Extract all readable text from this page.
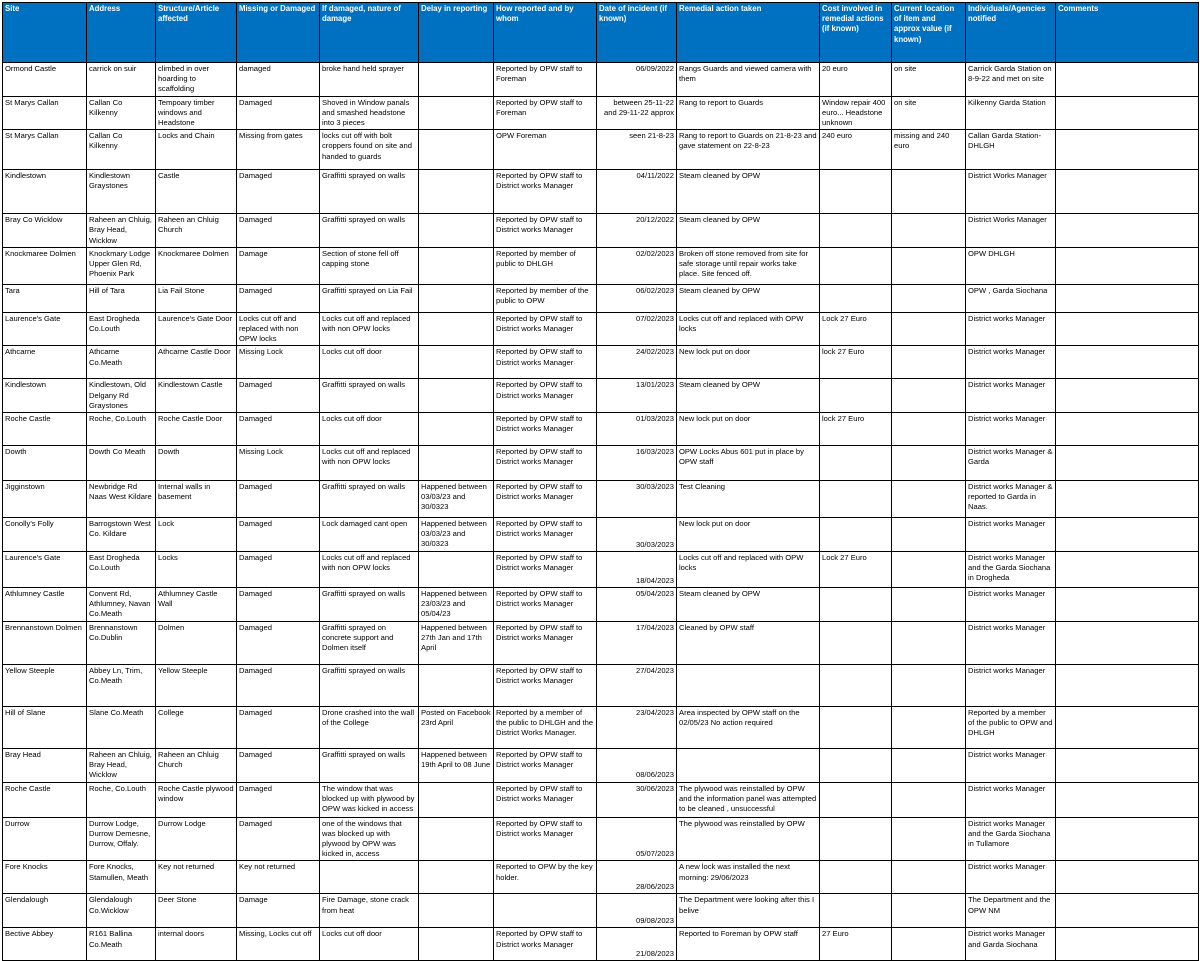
Site	Address	Structure/Article affected	Missing or Damaged	If damaged, nature of damage	Delay in reporting	How reported and by whom	Date of incident (if known)	Remedial action taken	Cost involved in remedial actions (if known)	Current location of item and approx value (if known)	Individuals/Agencies notified	Comments
Ormond Castle	carrick on suir	climbed in over hoarding to scaffolding	damaged	broke hand held sprayer		Reported by OPW staff to Foreman	06/09/2022	Rangs Guards and viewed camera with them	20 euro	on site	Carrick Garda Station on 8-9-22 and met on site	
St Marys Callan	Callan Co Kilkenny	Tempoary timber windows and Headstone	Damaged	Shoved in Window panals and smashed headstone into 3 pieces		Reported by OPW staff to Foreman	between 25-11-22 and 29-11-22 approx	Rang to report to Guards	Window repair 400 euro... Headstone unknown	on site	Kilkenny Garda Station	
St Marys Callan	Callan Co Kilkenny	Locks and Chain	Missing from gates	locks cut off with bolt croppers found on site and handed to guards		OPW Foreman	seen 21-8-23	Rang to report to Guards on 21-8-23 and gave statement on 22-8-23	240 euro	missing and 240 euro	Callan Garda Station-DHLGH	
Kindlestown	Kindlestown Graystones	Castle	Damaged	Graffitti sprayed on walls		Reported by OPW staff to District works Manager	04/11/2022	Steam cleaned by OPW			District Works Manager	
Bray Co Wicklow	Raheen an Chluig, Bray Head, Wicklow	Raheen an Chluig Church	Damaged	Graffitti sprayed on walls		Reported by OPW staff to District works Manager	20/12/2022	Steam cleaned by OPW			District Works Manager	
Knockmaree Dolmen	Knockmary Lodge Upper Glen Rd, Phoenix Park	Knockmaree Dolmen	Damage	Section of stone fell off capping stone		Reported by member of public to DHLGH	02/02/2023	Broken off stone removed from site for safe storage until repair works take place. Site fenced off.			OPW DHLGH	
Tara	Hill of Tara	Lia Fail Stone	Damaged	Graffitti sprayed on Lia Fail		Reported by member of the public to OPW	06/02/2023	Steam cleaned by OPW			OPW , Garda Siochana	
Laurence's Gate	East Drogheda Co.Louth	Laurence's Gate Door	Locks cut off and replaced with non OPW locks	Locks cut off and replaced with non OPW locks		Reported by OPW staff to District works Manager	07/02/2023	Locks cut off and replaced with OPW locks	Lock 27 Euro		District works Manager	
Athcarne	Athcarne Co.Meath	Athcarne Castle Door	Missing Lock	Locks cut off door		Reported by OPW staff to District works Manager	24/02/2023	New lock put on door	lock 27 Euro		District works Manager	
Kindlestown	Kindlestown, Old Delgany Rd Graystones	Kindlestown Castle	Damaged	Graffitti sprayed on walls		Reported by OPW staff to District works Manager	13/01/2023	Steam cleaned by OPW			District works Manager	
Roche Castle	Roche, Co.Louth	Roche Castle Door	Damaged	Locks cut off door		Reported by OPW staff to District works Manager	01/03/2023	New lock put on door	lock 27 Euro		District works Manager	
Dowth	Dowth Co Meath	Dowth	Missing Lock	Locks cut off and replaced with non OPW locks		Reported by OPW staff to District works Manager	16/03/2023	OPW Locks Abus 601 put in place by OPW staff			District works Manager & Garda	
Jigginstown	Newbridge Rd Naas West Kildare	Internal walls in basement	Damaged	Graffitti sprayed on walls	Happened between 03/03/23 and 30/0323	Reported by OPW staff to District works Manager	30/03/2023	Test Cleaning			District works Manager & reported to Garda in Naas.	
Conolly's Folly	Barrogstown West Co. Kildare	Lock	Damaged	Lock damaged cant open	Happened between 03/03/23 and 30/0323	Reported by OPW staff to District works Manager	30/03/2023	New lock put on door			District works Manager	
Laurence's Gate	East Drogheda Co.Louth	Locks	Damaged	Locks cut off and replaced with non OPW locks		Reported by OPW staff to District works Manager	18/04/2023	Locks cut off and replaced with OPW locks	Lock 27 Euro		District works Manager and the Garda Siochana in Drogheda	
Athlumney Castle	Convent Rd, Athlumney, Navan Co.Meath	Athlumney Castle Wall	Damaged	Graffitti sprayed on walls	Happened between 23/03/23 and 05/04/23	Reported by OPW staff to District works Manager	05/04/2023	Steam cleaned by OPW			District works Manager	
Brennanstown Dolmen	Brennanstown Co.Dublin	Dolmen	Damaged	Graffitti sprayed on concrete support and Dolmen itself	Happened between 27th Jan and 17th April	Reported by OPW staff to District works Manager	17/04/2023	Cleaned by OPW staff			District works Manager	
Yellow Steeple	Abbey Ln, Trim, Co.Meath	Yellow Steeple	Damaged	Graffitti sprayed on walls		Reported by OPW staff to District works Manager	27/04/2023				District works Manager	
Hill of Slane	Slane Co.Meath	College	Damaged	Drone crashed into the wall of the College	Posted on Facebook 23rd April	Reported by a member of the public to DHLGH and the District Works Manager.	23/04/2023	Area inspected by OPW staff on the 02/05/23 No action required			Reported by a member of the public to OPW and DHLGH	
Bray Head	Raheen an Chluig, Bray Head, Wicklow	Raheen an Chluig Church	Damaged	Graffitti sprayed on walls	Happened between 19th April to 08 June	Reported by OPW staff to District works Manager	08/06/2023				District works Manager	
Roche Castle	Roche, Co.Louth	Roche Castle plywood window	Damaged	The window that was blocked up with plywood by OPW was kicked in access		Reported by OPW staff to District works Manager	30/06/2023	The plywood was reinstalled by OPW and the information panel was attempted to be cleaned , unsuccessful			District works Manager	
Durrow	Durrow Lodge, Durrow Demesne, Durrow, Offaly.	Durrow Lodge	Damaged	one of the windows that was blocked up with plywood by OPW was kicked in, access		Reported by OPW staff to District works Manager	05/07/2023	The plywood was reinstalled by OPW			District works Manager and the Garda Siochana in Tullamore	
Fore Knocks	Fore Knocks, Stamullen, Meath	Key not returned	Key not returned			Reported to OPW by the key holder.	28/06/2023	A new lock was installed the next morning: 29/06/2023			District works Manager	
Glendalough	Glendalough Co.Wicklow	Deer Stone	Damage	Fire Damage, stone crack from heat			09/08/2023	The Department were looking after this I belive			The Department and the OPW NM	
Bective Abbey	R161 Ballina Co.Meath	internal doors	Missing, Locks cut off	Locks cut off door		Reported by OPW staff to District works Manager	21/08/2023	Reported to Foreman by OPW staff	27 Euro		District works Manager and Garda Siochana	
